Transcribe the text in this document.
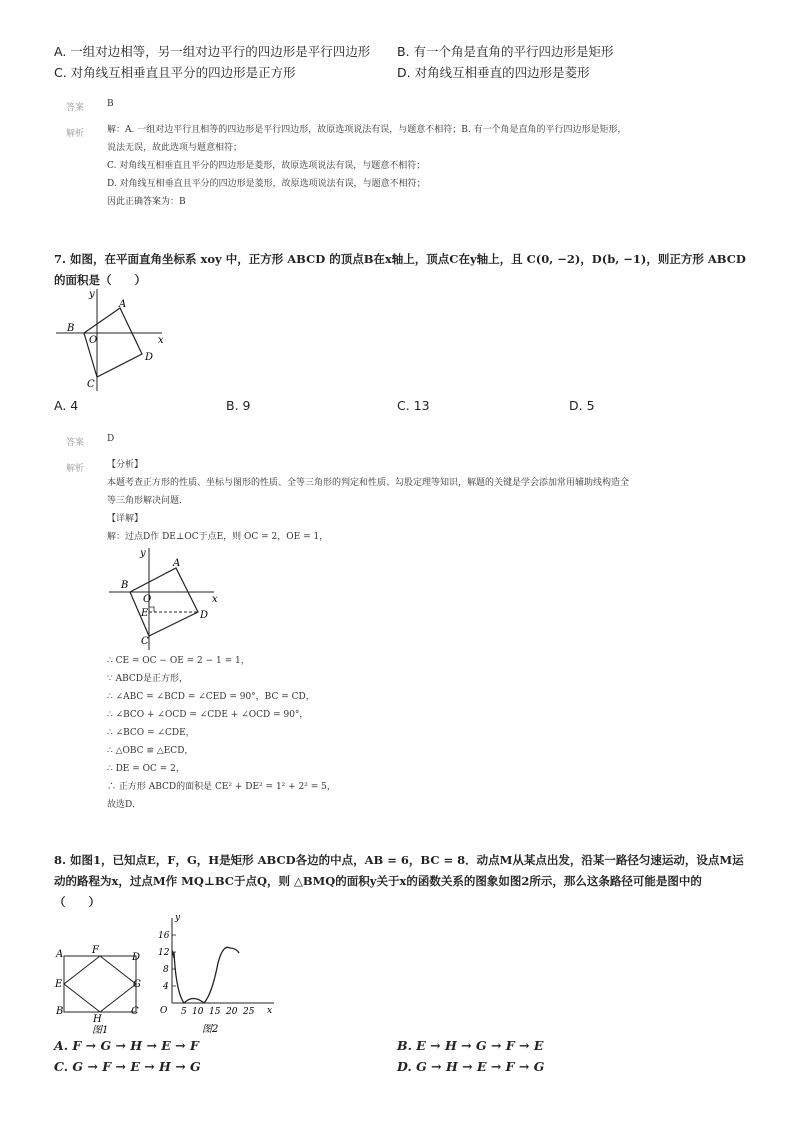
A. 一组对边相等，另一组对边平行的四边形是平行四边形 B. 有一个角是直角的平行四边形是矩形
C. 对角线互相垂直且平分的四边形是正方形	D. 对角线互相垂直的四边形是菱形
答案	B
解析	解：A. 一组对边平行且相等的四边形是平行四边形，故原选项说法有误，与题意不相符；B. 有一个角是直角的平行四边形是矩形，
说法无误，故此选项与题意相符；
C. 对角线互相垂直且平分的四边形是菱形，故原选项说法有误，与题意不相符；
D. 对角线互相垂直且平分的四边形是菱形，故原选项说法有误，与题意不相符；
因此正确答案为：B
7. 如图，在平面直角坐标系 xoy 中，正方形 ABCD 的顶点B在x轴上，顶点C在y轴上，且 C(0, −2)，D(b, −1)，则正方形 ABCD
的面积是（　　）
y
x
A
B
O
C
D
A. 4	B. 9	C. 13	D. 5
答案	D
解析	【分析】
本题考查正方形的性质、坐标与图形的性质、全等三角形的判定和性质、勾股定理等知识，解题的关键是学会添加常用辅助线构造全
等三角形解决问题．
【详解】
解：过点D作 DE⊥OC于点E，则 OC = 2，OE = 1，
y
x
A
B
O
E	D
C
∴ CE = OC − OE = 2 − 1 = 1，
∵ ABCD是正方形，
∴ ∠ABC = ∠BCD = ∠CED = 90°，BC = CD，
∴ ∠BCO + ∠OCD = ∠CDE + ∠OCD = 90°，
∴ ∠BCO = ∠CDE，
∴ △OBC ≌ △ECD，
∴ DE = OC = 2，
∴ 正方形 ABCD的面积是 CE² + DE² = 1² + 2² = 5，
故选D．
8. 如图1，已知点E，F，G，H是矩形 ABCD各边的中点，AB = 6，BC = 8．动点M从某点出发，沿某一路径匀速运动，设点M运
动的路程为x，过点M作 MQ⊥BC于点Q，则 △BMQ的面积y关于x的函数关系的图象如图2所示，那么这条路径可能是图中的
（　　）
A	F
D
E	G
B
H
C
图1
y
x
O
16
12
8
4
5 10 15 20 25
图2
A. F → G → H → E → F	B. E → H → G → F → E
C. G → F → E → H → G	D. G → H → E → F → G
